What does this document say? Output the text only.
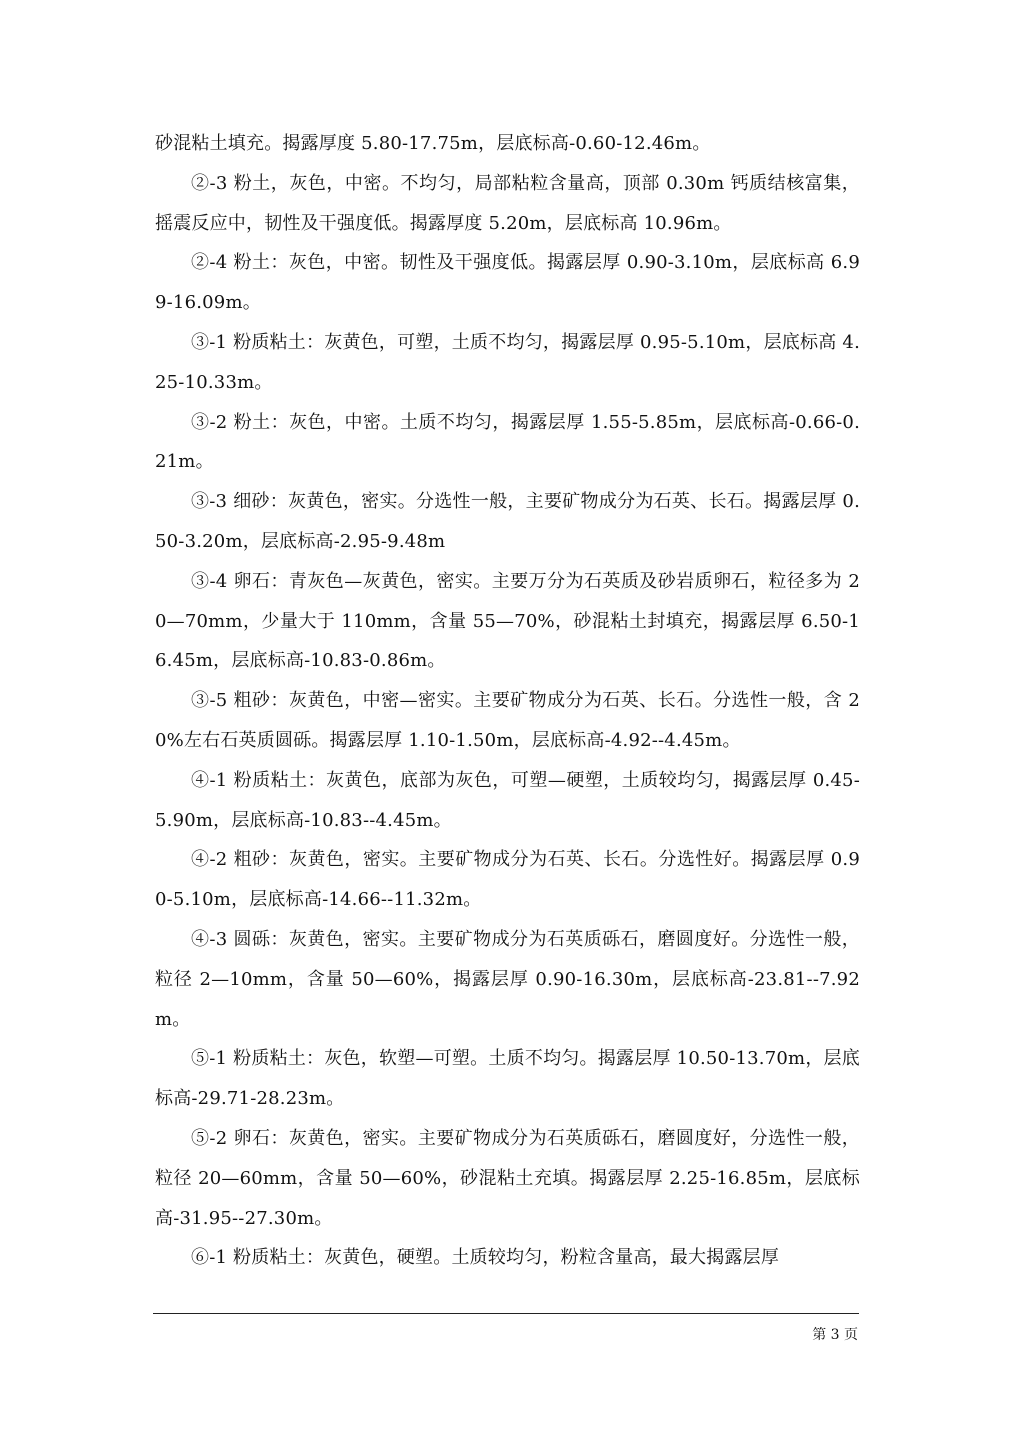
砂混粘土填充。揭露厚度 5.80-17.75m，层底标高-0.60-12.46m。

②-3 粉土，灰色，中密。不均匀，局部粘粒含量高，顶部 0.30m 钙质结核富集，摇震反应中，韧性及干强度低。揭露厚度 5.20m，层底标高 10.96m。

②-4 粉土：灰色，中密。韧性及干强度低。揭露层厚 0.90-3.10m，层底标高 6.99-16.09m。

③-1 粉质粘土：灰黄色，可塑，土质不均匀，揭露层厚 0.95-5.10m，层底标高 4.25-10.33m。

③-2 粉土：灰色，中密。土质不均匀，揭露层厚 1.55-5.85m，层底标高-0.66-0.21m。

③-3 细砂：灰黄色，密实。分选性一般，主要矿物成分为石英、长石。揭露层厚 0.50-3.20m，层底标高-2.95-9.48m

③-4 卵石：青灰色—灰黄色，密实。主要万分为石英质及砂岩质卵石，粒径多为 20—70mm，少量大于 110mm，含量 55—70%，砂混粘土封填充，揭露层厚 6.50-16.45m，层底标高-10.83-0.86m。

③-5 粗砂：灰黄色，中密—密实。主要矿物成分为石英、长石。分选性一般，含 20%左右石英质圆砾。揭露层厚 1.10-1.50m，层底标高-4.92--4.45m。

④-1 粉质粘土：灰黄色，底部为灰色，可塑—硬塑，土质较均匀，揭露层厚 0.45-5.90m，层底标高-10.83--4.45m。

④-2 粗砂：灰黄色，密实。主要矿物成分为石英、长石。分选性好。揭露层厚 0.90-5.10m，层底标高-14.66--11.32m。

④-3 圆砾：灰黄色，密实。主要矿物成分为石英质砾石，磨圆度好。分选性一般，粒径 2—10mm，含量 50—60%，揭露层厚 0.90-16.30m，层底标高-23.81--7.92m。

⑤-1 粉质粘土：灰色，软塑—可塑。土质不均匀。揭露层厚 10.50-13.70m，层底标高-29.71-28.23m。

⑤-2 卵石：灰黄色，密实。主要矿物成分为石英质砾石，磨圆度好，分选性一般，粒径 20—60mm，含量 50—60%，砂混粘土充填。揭露层厚 2.25-16.85m，层底标高-31.95--27.30m。

⑥-1 粉质粘土：灰黄色，硬塑。土质较均匀，粉粒含量高，最大揭露层厚

第 3 页
